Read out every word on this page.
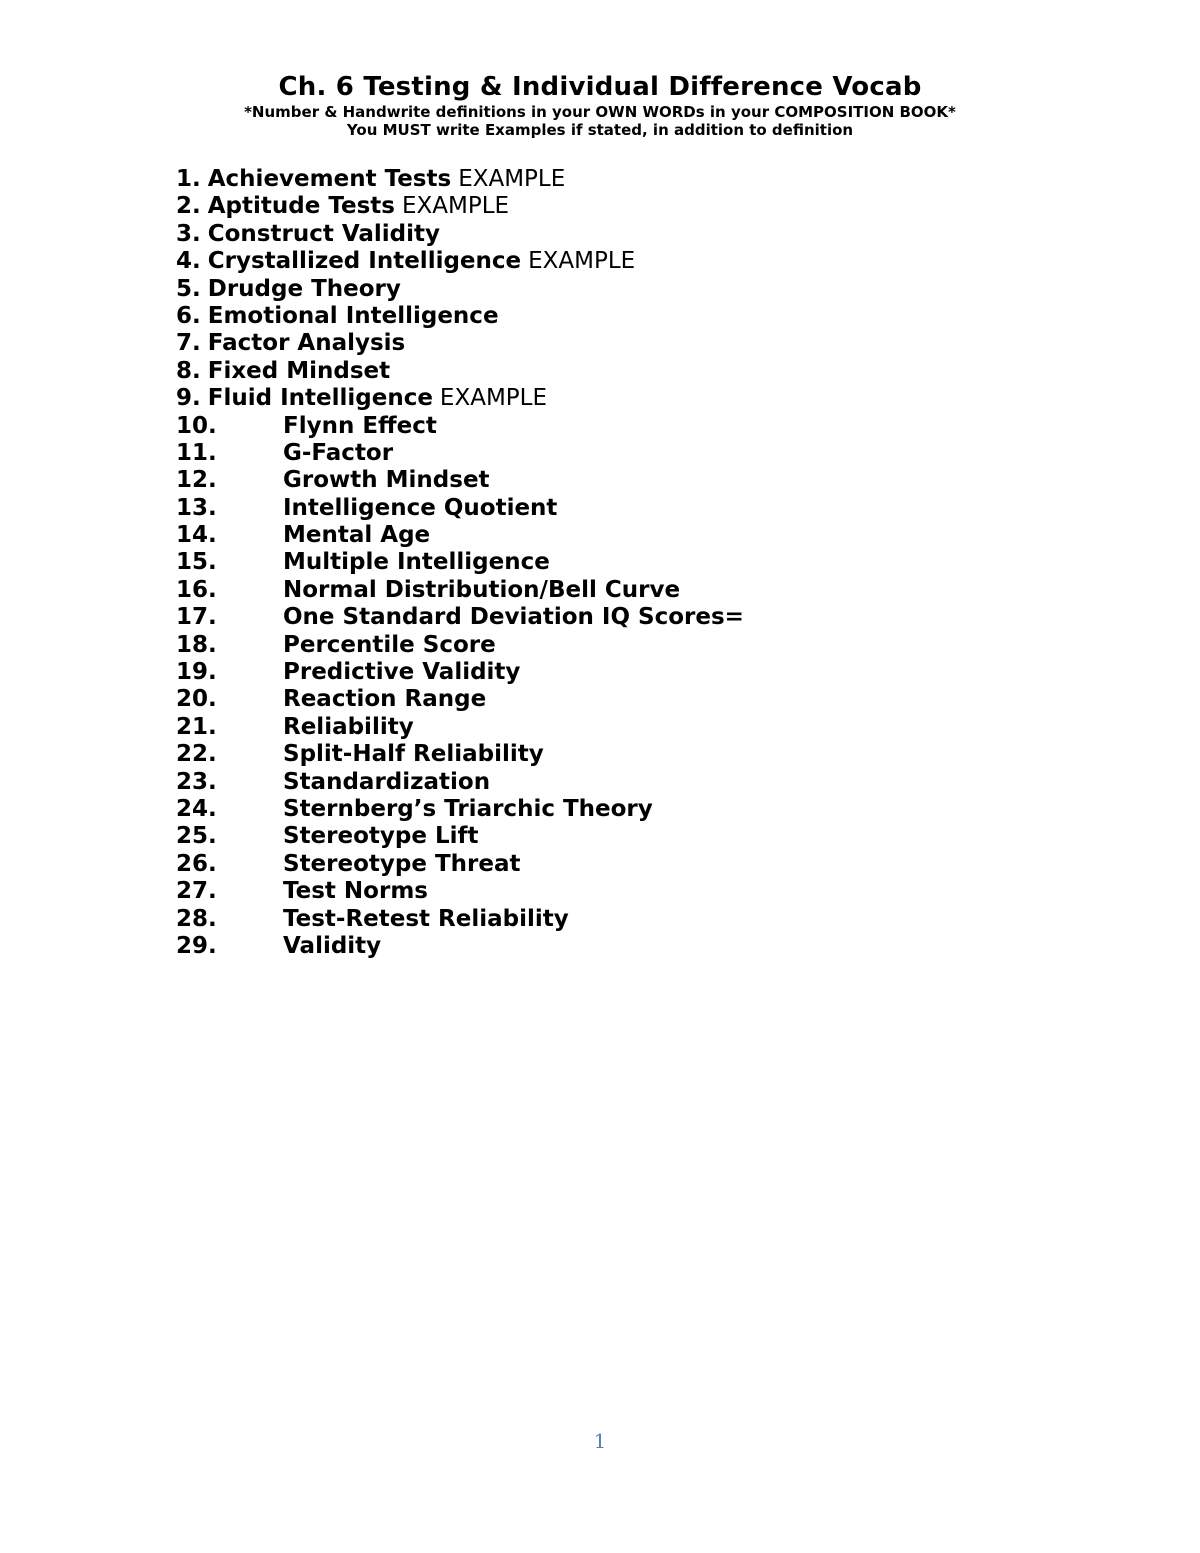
Ch. 6 Testing & Individual Difference Vocab

*Number & Handwrite definitions in your OWN WORDs in your COMPOSITION BOOK*

You MUST write Examples if stated, in addition to definition

1. Achievement Tests EXAMPLE
2. Aptitude Tests EXAMPLE
3. Construct Validity
4. Crystallized Intelligence EXAMPLE
5. Drudge Theory
6. Emotional Intelligence
7. Factor Analysis
8. Fixed Mindset
9. Fluid Intelligence EXAMPLE
10.	Flynn Effect
11.	G-Factor
12.	Growth Mindset
13.	Intelligence Quotient
14.	Mental Age
15.	Multiple Intelligence
16.	Normal Distribution/Bell Curve
17.	One Standard Deviation IQ Scores=
18.	Percentile Score
19.	Predictive Validity
20.	Reaction Range
21.	Reliability
22.	Split-Half Reliability
23.	Standardization
24.	Sternberg’s Triarchic Theory
25.	Stereotype Lift
26.	Stereotype Threat
27.	Test Norms
28.	Test-Retest Reliability
29.	Validity
1
